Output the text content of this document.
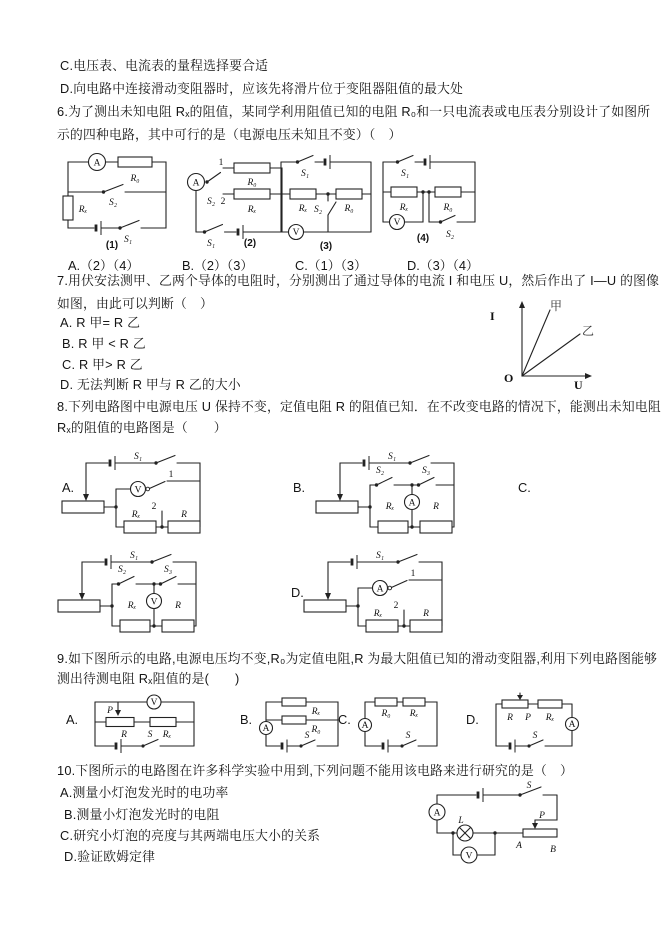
C.电压表、电流表的量程选择要合适
D.向电路中连接滑动变阻器时，应该先将滑片位于变阻器阻值的最大处
6.为了测出未知电阻 Rₓ的阻值，某同学利用阻值已知的电阻 R₀和一只电流表或电压表分别设计了如图所
示的四种电路，其中可行的是（电源电压未知且不变）（　）
A
R₀
S₂
Rₓ
S₁
(1)
A
1
S₂ 2
R₀
Rₓ
S₁	(2)
S₁
Rₓ	R₀
S₂
V
(3)
S₁
Rₓ	R₀
V
S₂
(4)
A.（2）（4）	B.（2）（3）	C.（1）（3）	D.（3）（4）
7.用伏安法测甲、乙两个导体的电阻时，分别测出了通过导体的电流 I 和电压 U，然后作出了 I—U 的图像
如图，由此可以判断（　）
A. R 甲= R 乙
B. R 甲 < R 乙
C. R 甲> R 乙
D. 无法判断 R 甲与 R 乙的大小
I
O	U
甲
乙
8.下列电路图中电源电压 U 保持不变，定值电阻 R 的阻值已知．在不改变电路的情况下，能测出未知电阻
Rₓ的阻值的电路图是（　　）
A.	B.	C.
D.
S₁
1
2
V
Rₓ	R
S₁
S₂	S₃
A
Rₓ	R
S₁
S₂	S₃
V
Rₓ	R
S₁
1
2
A
Rₓ	R
9.如下图所示的电路,电源电压均不变,R₀为定值电阻,R 为最大阻值已知的滑动变阻器,利用下列电路图能够
测出待测电阻 Rₓ阻值的是(　　)
A.	B.	C.	D.
V
P
R	Rₓ
S
A
Rₓ
R₀
S
A
R₀ Rₓ
S
R P Rₓ
A
S
10.下图所示的电路图在许多科学实验中用到,下列问题不能用该电路来进行研究的是（　）
A.测量小灯泡发光时的电功率
B.测量小灯泡发光时的电阻
C.研究小灯泡的亮度与其两端电压大小的关系
D.验证欧姆定律
S
A
L
V
P
A	B
